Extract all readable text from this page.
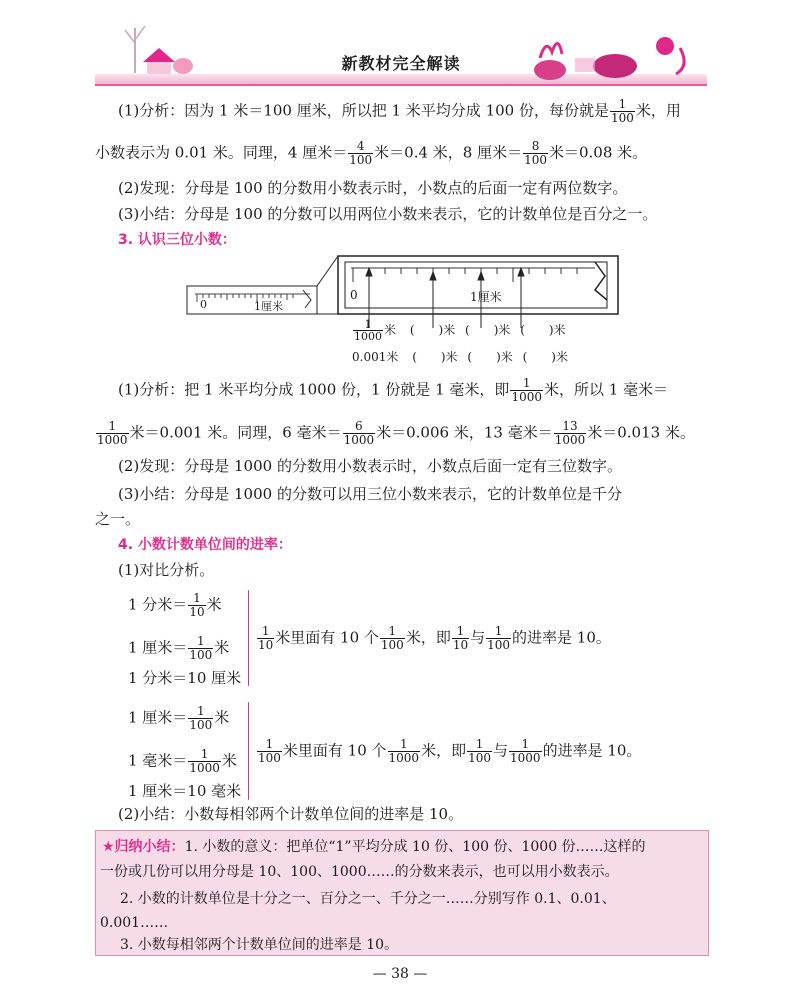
新教材完全解读
(1)分析：因为 1 米＝100 厘米，所以把 1 米平均分成 100 份，每份就是 $\frac{1}{100}$ 米，用
小数表示为 0.01 米。同理，4 厘米＝ $\frac{4}{100}$ 米＝0.4 米，8 厘米＝ $\frac{8}{100}$ 米＝0.08 米。
(2)发现：分母是 100 的分数用小数表示时，小数点的后面一定有两位数字。
(3)小结：分母是 100 的分数可以用两位小数来表示，它的计数单位是百分之一。
3. 认识三位小数：
0	1厘米
0	1厘米
$\frac{1}{1000}$ 米 (　　)米 (　　)米 (　　)米
0.001米 (　　)米 (　　)米 (　　)米
(1)分析：把 1 米平均分成 1000 份，1 份就是 1 毫米，即 $\frac{1}{1000}$ 米，所以 1 毫米＝
$\frac{1}{1000}$ 米＝0.001 米。同理，6 毫米＝ $\frac{6}{1000}$ 米＝0.006 米，13 毫米＝ $\frac{13}{1000}$ 米＝0.013 米。
(2)发现：分母是 1000 的分数用小数表示时，小数点后面一定有三位数字。
(3)小结：分母是 1000 的分数可以用三位小数来表示，它的计数单位是千分
之一。
4. 小数计数单位间的进率：
(1)对比分析。
1 分米＝ $\frac{1}{10}$ 米
1 厘米＝ $\frac{1}{100}$ 米
1 分米＝10 厘米
$\frac{1}{10}$ 米里面有 10 个 $\frac{1}{100}$ 米，即 $\frac{1}{10}$ 与 $\frac{1}{100}$ 的进率是 10。
1 厘米＝ $\frac{1}{100}$ 米
1 毫米＝ $\frac{1}{1000}$ 米
1 厘米＝10 毫米
$\frac{1}{100}$ 米里面有 10 个 $\frac{1}{1000}$ 米，即 $\frac{1}{100}$ 与 $\frac{1}{1000}$ 的进率是 10。
(2)小结：小数每相邻两个计数单位间的进率是 10。
★归纳小结：1. 小数的意义：把单位“1”平均分成 10 份、100 份、1000 份……这样的
一份或几份可以用分母是 10、100、1000……的分数来表示，也可以用小数表示。
2. 小数的计数单位是十分之一、百分之一、千分之一……分别写作 0.1、0.01、
0.001……
3. 小数每相邻两个计数单位间的进率是 10。
— 38 —
